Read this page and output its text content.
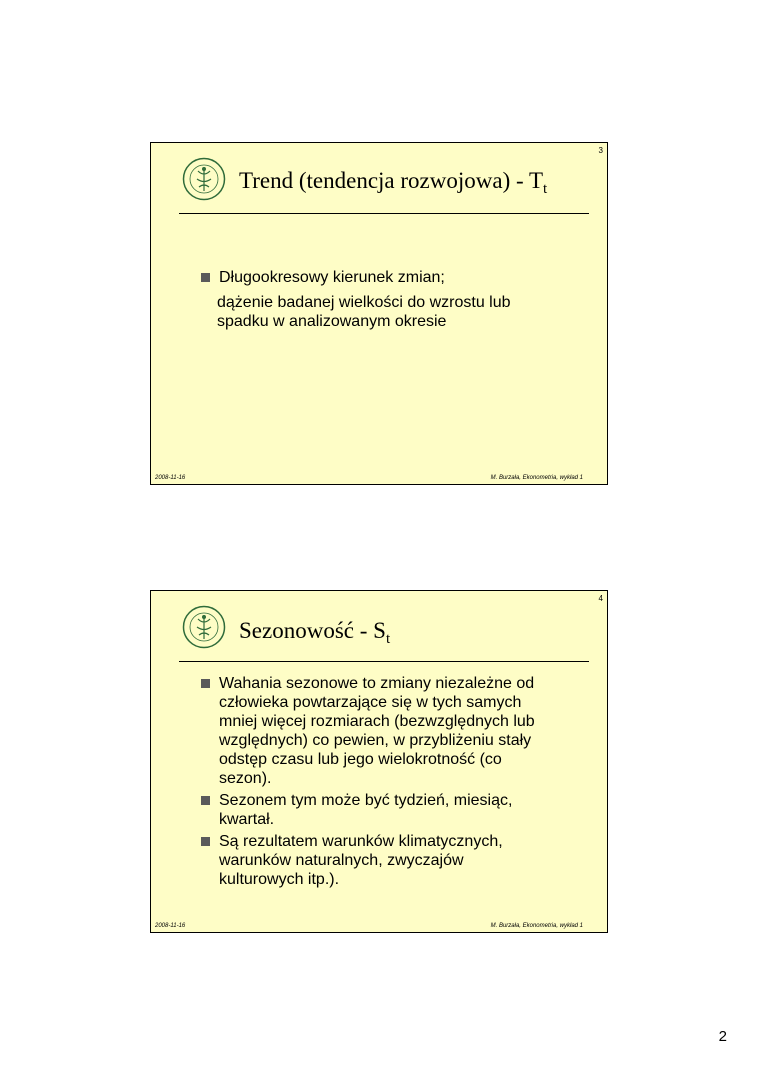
3
Trend (tendencja rozwojowa) - $T_t$
Długookresowy kierunek zmian;
dążenie badanej wielkości do wzrostu lub
spadku w analizowanym okresie
2008-11-16	M. Burzała, Ekonometria, wykład 1
4
Sezonowość - $S_t$
Wahania sezonowe to zmiany niezależne od
człowieka powtarzające się w tych samych
mniej więcej rozmiarach (bezwzględnych lub
względnych) co pewien, w przybliżeniu stały
odstęp czasu lub jego wielokrotność (co
sezon).
Sezonem tym może być tydzień, miesiąc,
kwartał.
Są rezultatem warunków klimatycznych,
warunków naturalnych, zwyczajów
kulturowych itp.).
2008-11-16	M. Burzała, Ekonometria, wykład 1
2
